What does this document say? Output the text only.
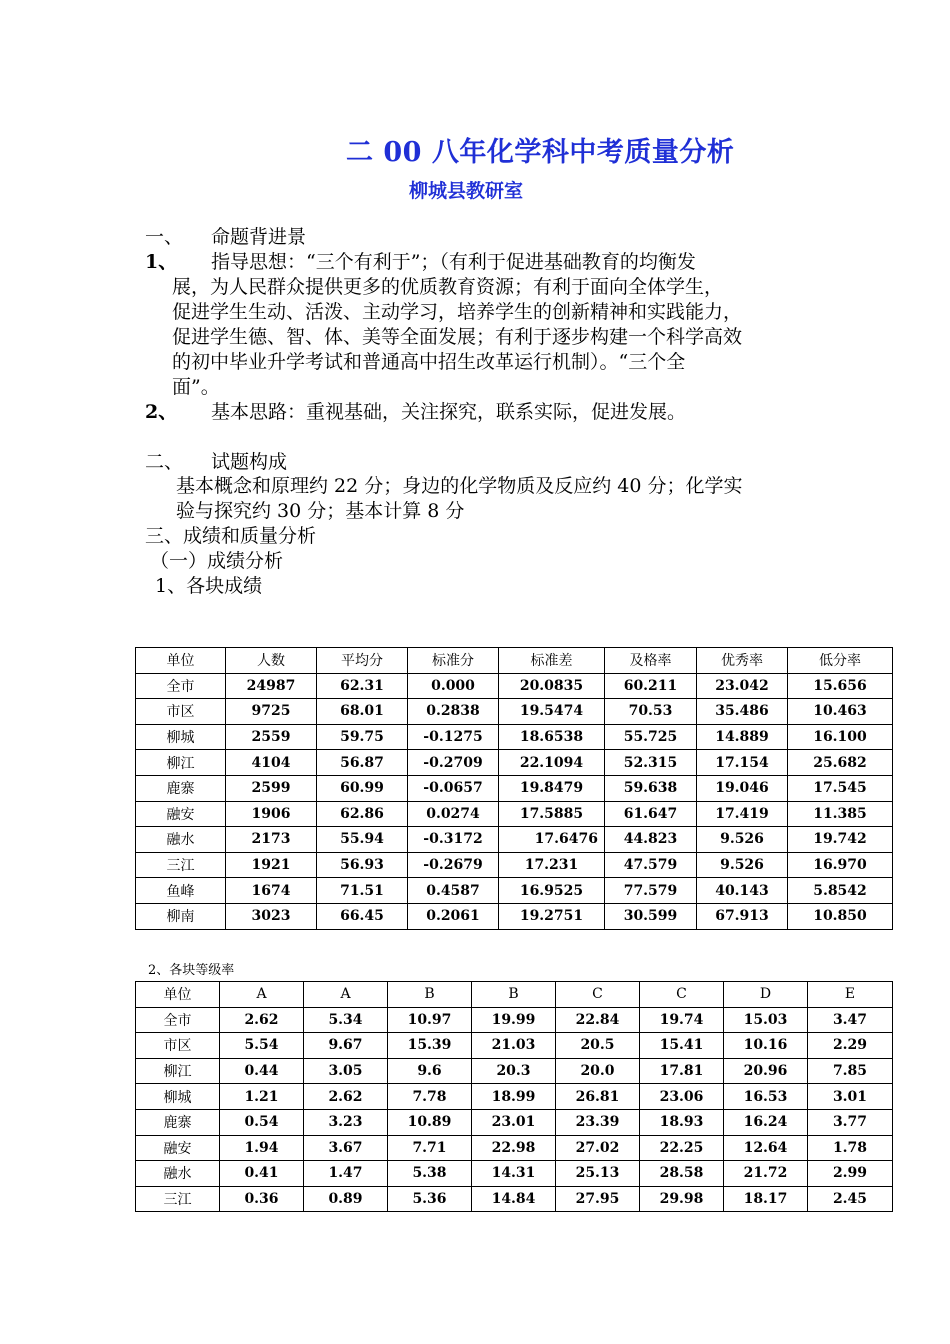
二 00 八年化学科中考质量分析
柳城县教研室
一、 命题背进景
1、 指导思想：“三个有利于”；（有利于促进基础教育的均衡发
展，为人民群众提供更多的优质教育资源；有利于面向全体学生，
促进学生生动、活泼、主动学习，培养学生的创新精神和实践能力，
促进学生德、智、体、美等全面发展；有利于逐步构建一个科学高效
的初中毕业升学考试和普通高中招生改革运行机制）。“三个全
面”。
2、 基本思路：重视基础，关注探究，联系实际，促进发展。
二、 试题构成
基本概念和原理约 22 分；身边的化学物质及反应约 40 分；化学实
验与探究约 30 分；基本计算 8 分
三、成绩和质量分析
（一）成绩分析
1、各块成绩
单位	人数	平均分	标准分	标准差	及格率	优秀率	低分率
全市	24987	62.31	0.000	20.0835	60.211	23.042	15.656
市区	9725	68.01	0.2838	19.5474	70.53	35.486	10.463
柳城	2559	59.75	-0.1275	18.6538	55.725	14.889	16.100
柳江	4104	56.87	-0.2709	22.1094	52.315	17.154	25.682
鹿寨	2599	60.99	-0.0657	19.8479	59.638	19.046	17.545
融安	1906	62.86	0.0274	17.5885	61.647	17.419	11.385
融水	2173	55.94	-0.3172	17.6476	44.823	9.526	19.742
三江	1921	56.93	-0.2679	17.231	47.579	9.526	16.970
鱼峰	1674	71.51	0.4587	16.9525	77.579	40.143	5.8542
柳南	3023	66.45	0.2061	19.2751	30.599	67.913	10.850
2、各块等级率
单位	A	A	B	B	C	C	D	E
全市	2.62	5.34	10.97	19.99	22.84	19.74	15.03	3.47
市区	5.54	9.67	15.39	21.03	20.5	15.41	10.16	2.29
柳江	0.44	3.05	9.6	20.3	20.0	17.81	20.96	7.85
柳城	1.21	2.62	7.78	18.99	26.81	23.06	16.53	3.01
鹿寨	0.54	3.23	10.89	23.01	23.39	18.93	16.24	3.77
融安	1.94	3.67	7.71	22.98	27.02	22.25	12.64	1.78
融水	0.41	1.47	5.38	14.31	25.13	28.58	21.72	2.99
三江	0.36	0.89	5.36	14.84	27.95	29.98	18.17	2.45
